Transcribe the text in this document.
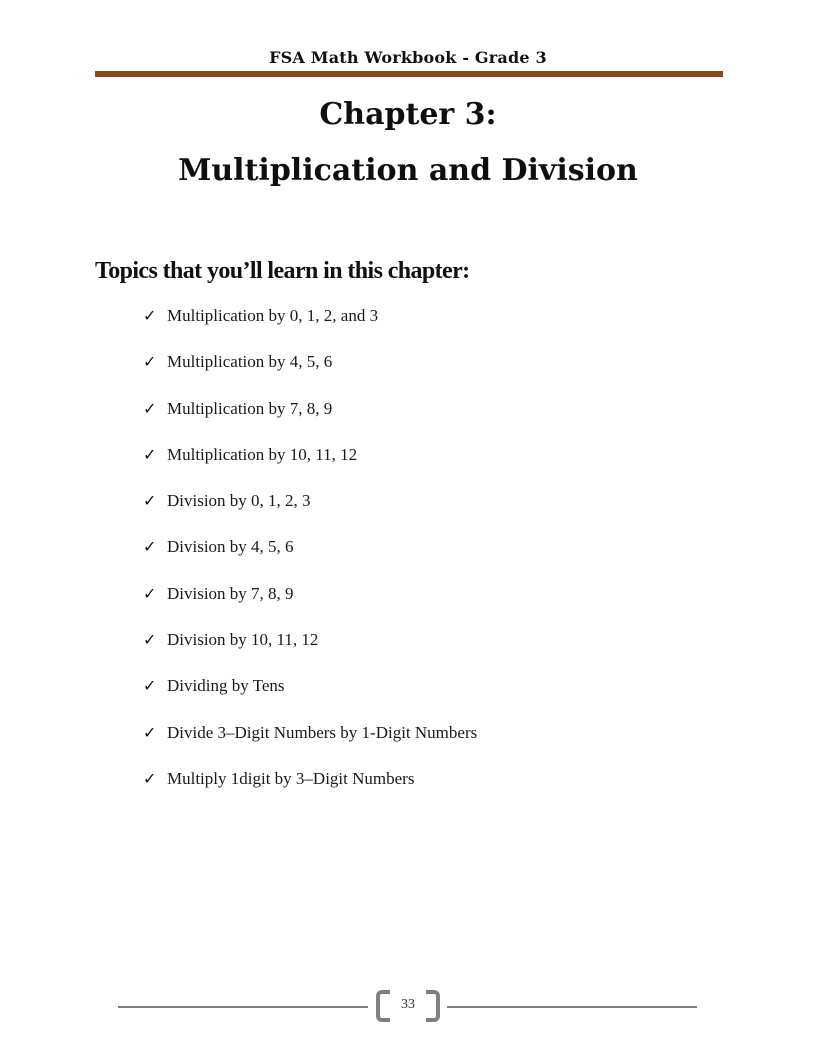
FSA Math Workbook - Grade 3
Chapter 3:
Multiplication and Division
Topics that you’ll learn in this chapter:
✓ Multiplication by 0, 1, 2, and 3
✓ Multiplication by 4, 5, 6
✓ Multiplication by 7, 8, 9
✓ Multiplication by 10, 11, 12
✓ Division by 0, 1, 2, 3
✓ Division by 4, 5, 6
✓ Division by 7, 8, 9
✓ Division by 10, 11, 12
✓ Dividing by Tens
✓ Divide 3–Digit Numbers by 1-Digit Numbers
✓ Multiply 1digit by 3–Digit Numbers
33
